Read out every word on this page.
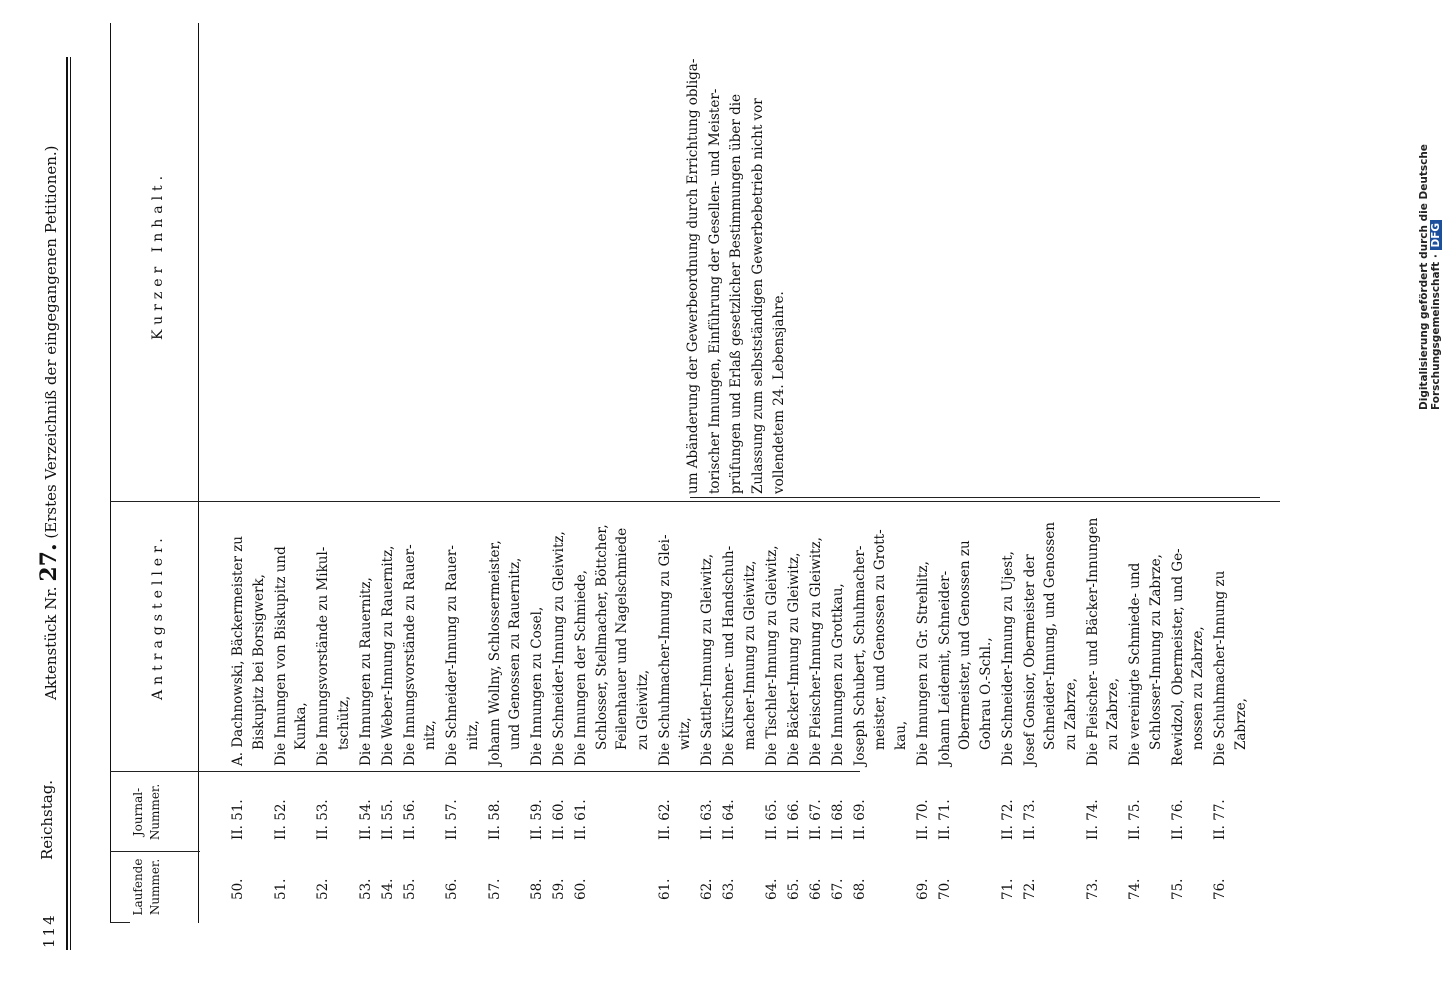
114
Reichstag.
Aktenstück Nr. 27. (Erstes Verzeichniß der eingegangenen Petitionen.)
Laufende Nummer.
Journal-Nummer.
Antragsteller.
Kurzer Inhalt.
50.
II. 51.
A. Dachnowski, Bäckermeister zu Biskupitz bei Borsigwerk,
51.
II. 52.
Die Innungen von Biskupitz und Kunka,
52.
II. 53.
Die Innungsvorstände zu Mikul- tschütz,
53.
II. 54.
Die Innungen zu Rauernitz,
54.
II. 55.
Die Weber-Innung zu Rauernitz,
55.
II. 56.
Die Innungsvorstände zu Rauer- nitz,
56.
II. 57.
Die Schneider-Innung zu Rauer- nitz,
57.
II. 58.
Johann Wollny, Schlossermeister, und Genossen zu Rauernitz,
58.
II. 59.
Die Innungen zu Cosel,
59.
II. 60.
Die Schneider-Innung zu Gleiwitz,
60.
II. 61.
Die Innungen der Schmiede, Schlosser, Stellmacher, Böttcher, Feilenhauer und Nagelschmiede zu Gleiwitz,
61.
II. 62.
Die Schuhmacher-Innung zu Glei- witz,
62.
II. 63.
Die Sattler-Innung zu Gleiwitz,
63.
II. 64.
Die Kürschner- und Handschuh- macher-Innung zu Gleiwitz,
64.
II. 65.
Die Tischler-Innung zu Gleiwitz,
65.
II. 66.
Die Bäcker-Innung zu Gleiwitz,
66.
II. 67.
Die Fleischer-Innung zu Gleiwitz,
67.
II. 68.
Die Innungen zu Grottkau,
68.
II. 69.
Joseph Schubert, Schuhmacher- meister, und Genossen zu Grott- kau,
69.
II. 70.
Die Innungen zu Gr. Strehlitz,
70.
II. 71.
Johann Leidemit, Schneider- Obermeister, und Genossen zu Gohrau O.-Schl.,
71.
II. 72.
Die Schneider-Innung zu Ujest,
72.
II. 73.
Josef Gonsior, Obermeister der Schneider-Innung, und Genossen zu Zabrze,
73.
II. 74.
Die Fleischer- und Bäcker-Innungen zu Zabrze,
74.
II. 75.
Die vereinigte Schmiede- und Schlosser-Innung zu Zabrze,
75.
II. 76.
Rewidzol, Obermeister, und Ge- nossen zu Zabrze,
76.
II. 77.
Die Schuhmacher-Innung zu Zabrze,
um Abänderung der Gewerbeordnung durch Errichtung obliga- torischer Innungen, Einführung der Gesellen- und Meister- prüfungen und Erlaß gesetzlicher Bestimmungen über die Zulassung zum selbstständigen Gewerbebetrieb nicht vor vollendetem 24. Lebensjahre.	Digitalisierung gefördert durch die Deutsche Forschungsgemeinschaft · DFG
